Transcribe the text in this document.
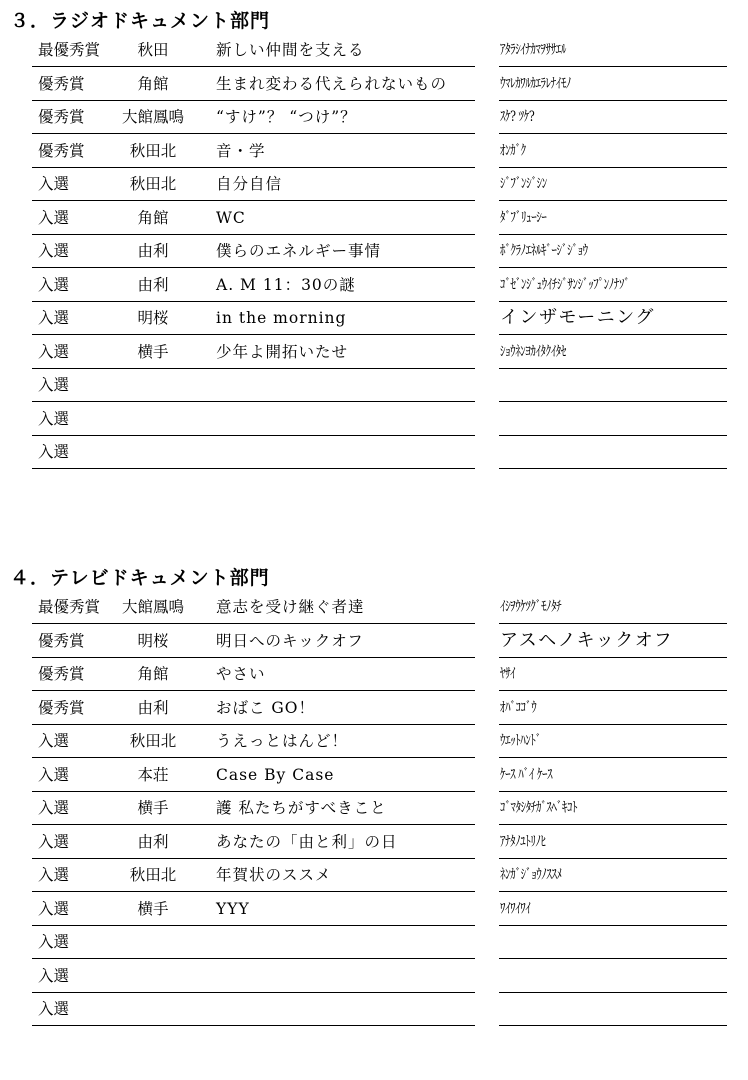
３．ラジオドキュメント部門
最優秀賞	秋田	新しい仲間を支える	ｱﾀﾗｼｲﾅｶﾏｦｻｻｴﾙ
優秀賞	角館	生まれ変わる代えられないもの	ｳﾏﾚｶﾜﾙｶｴﾗﾚﾅｲﾓﾉ
優秀賞	大館鳳鳴	“すけ”？ “つけ”？	ｽｹ? ﾂｹ?
優秀賞	秋田北	音・学	ｵﾝｶﾞｸ
入選	秋田北	自分自信	ｼﾞﾌﾞﾝｼﾞｼﾝ
入選	角館	WC	ﾀﾞﾌﾞﾘｭｰｼｰ
入選	由利	僕らのエネルギー事情	ﾎﾞｸﾗﾉｴﾈﾙｷﾞｰｼﾞｼﾞｮｳ
入選	由利	A. M 11：30の謎	ｺﾞｾﾞﾝｼﾞｭｳｲﾁｼﾞｻﾝｼﾞｯﾌﾟﾝﾉﾅｿﾞ
入選	明桜	in the morning	インザモーニング
入選	横手	少年よ開拓いたせ	ｼｮｳﾈﾝﾖｶｲﾀｸｲﾀｾ
入選
入選
入選
４．テレビドキュメント部門
最優秀賞	大館鳳鳴	意志を受け継ぐ者達	ｲｼｦｳｹﾂｸﾞﾓﾉﾀﾁ
優秀賞	明桜	明日へのキックオフ	アスヘノキックオフ
優秀賞	角館	やさい	ﾔｻｲ
優秀賞	由利	おばこ GO！	ｵﾊﾞｺｺﾞｳ
入選	秋田北	うえっとはんど！	ｳｴｯﾄﾊﾝﾄﾞ
入選	本荘	Case By Case	ｹｰｽ ﾊﾞｲ ｹｰｽ
入選	横手	護 私たちがすべきこと	ｺﾞﾏﾀｼﾀﾁｶﾞｽﾍﾞｷｺﾄ
入選	由利	あなたの「由と利」の日	ｱﾅﾀﾉﾕﾄﾘﾉﾋ
入選	秋田北	年賀状のススメ	ﾈﾝｶﾞｼﾞｮｳﾉｽｽﾒ
入選	横手	YYY	ﾜｲﾜｲﾜｲ
入選
入選
入選
